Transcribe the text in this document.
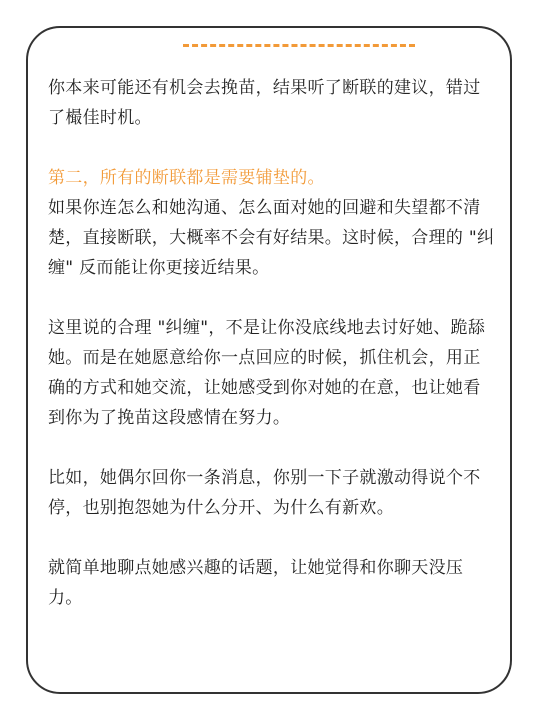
你本来可能还有机会去挽苗，结果听了断联的建议，错过了樶佳时机。

第二，所有的断联都是需要铺垫的。
如果你连怎么和她沟通、怎么面对她的回避和失望都不清楚，直接断联，大概率不会有好结果。这时候，合理的 "纠缠" 反而能让你更接近结果。

这里说的合理 "纠缠"，不是让你没底线地去讨好她、跪舔她。而是在她愿意给你一点回应的时候，抓住机会，用正确的方式和她交流，让她感受到你对她的在意，也让她看到你为了挽苗这段感情在努力。

比如，她偶尔回你一条消息，你别一下子就激动得说个不停，也别抱怨她为什么分开、为什么有新欢。

就简单地聊点她感兴趣的话题，让她觉得和你聊天没压力。
